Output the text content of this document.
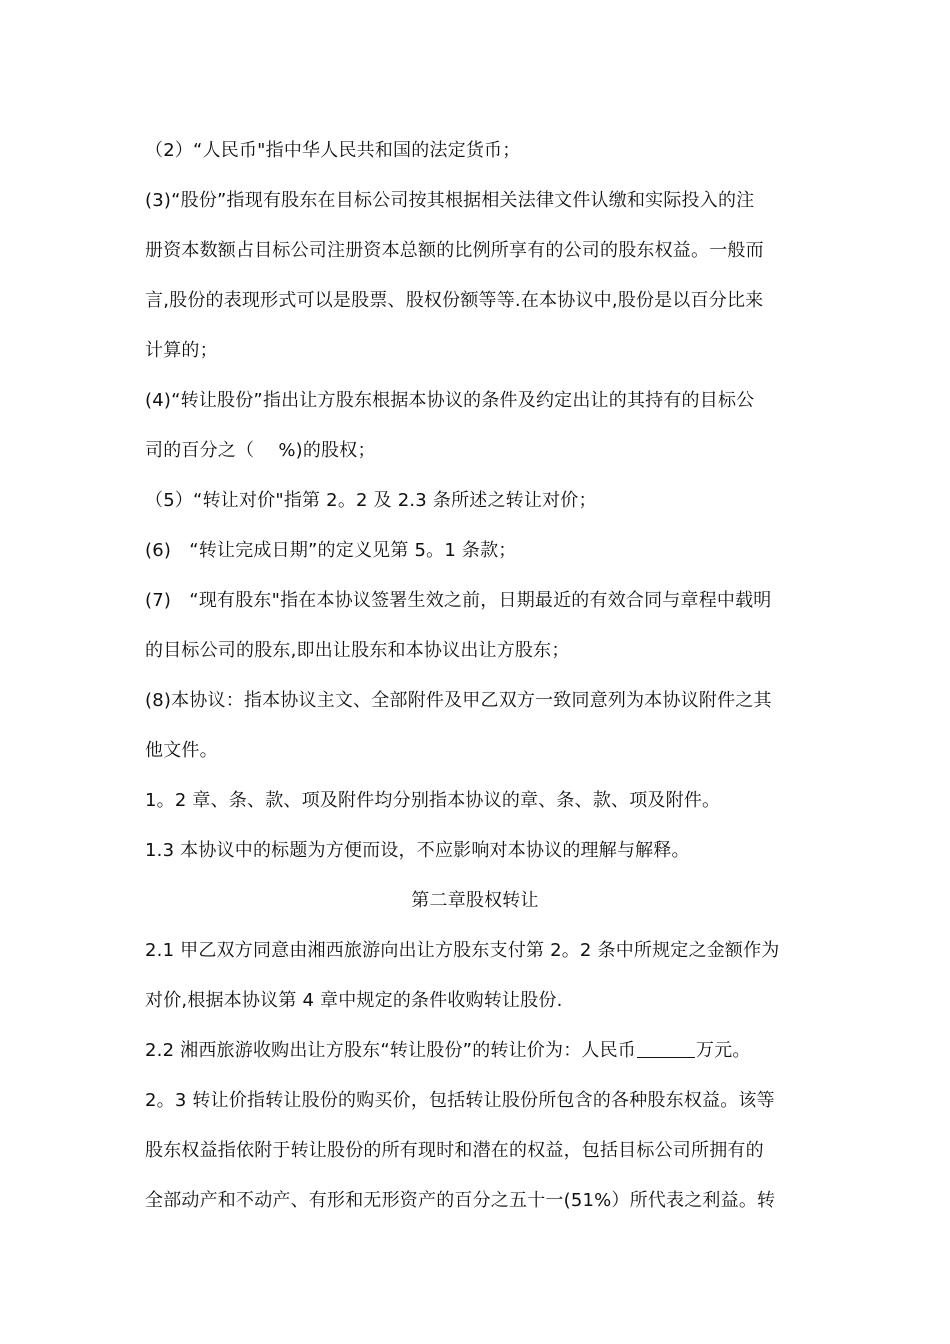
（2）“人民币"指中华人民共和国的法定货币；
(3)“股份”指现有股东在目标公司按其根据相关法律文件认缴和实际投入的注
册资本数额占目标公司注册资本总额的比例所享有的公司的股东权益。一般而
言,股份的表现形式可以是股票、股权份额等等.在本协议中,股份是以百分比来
计算的；
(4)“转让股份”指出让方股东根据本协议的条件及约定出让的其持有的目标公
司的百分之（　 %)的股权；
（5）“转让对价"指第 2。2 及 2.3 条所述之转让对价；
(6)　“转让完成日期”的定义见第 5。1 条款；
(7)　“现有股东"指在本协议签署生效之前，日期最近的有效合同与章程中载明
的目标公司的股东,即出让股东和本协议出让方股东；
(8)本协议：指本协议主文、全部附件及甲乙双方一致同意列为本协议附件之其
他文件。
1。2 章、条、款、项及附件均分别指本协议的章、条、款、项及附件。
1.3 本协议中的标题为方便而设，不应影响对本协议的理解与解释。
第二章股权转让
2.1 甲乙双方同意由湘西旅游向出让方股东支付第 2。2 条中所规定之金额作为
对价,根据本协议第 4 章中规定的条件收购转让股份.
2.2 湘西旅游收购出让方股东“转让股份”的转让价为：人民币	万元。
2。3 转让价指转让股份的购买价，包括转让股份所包含的各种股东权益。该等
股东权益指依附于转让股份的所有现时和潜在的权益，包括目标公司所拥有的
全部动产和不动产、有形和无形资产的百分之五十一(51%）所代表之利益。转
